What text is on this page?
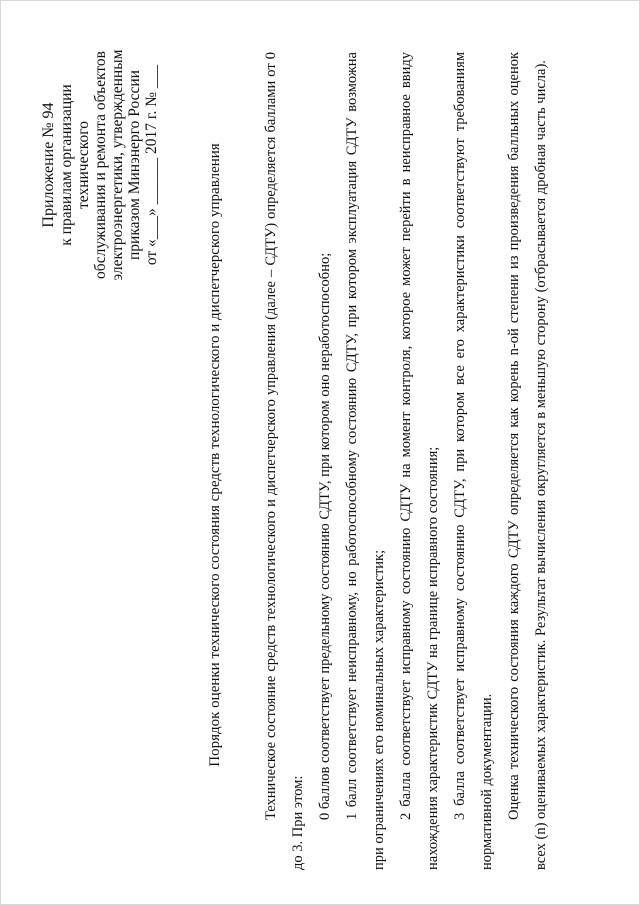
Приложение № 94 к правилам организации технического обслуживания и ремонта объектов электроэнергетики, утвержденным приказом Минэнерго России от «___» ______ 2017 г. № ___	Порядок оценки технического состояния средств технологического и диспетчерского управления	Техническое состояние средств технологического и диспетчерского управления (далее – СДТУ) определяется баллами от 0 до 3. При этом:

0 баллов соответствует предельному состоянию СДТУ, при котором оно неработоспособно; 1 балл соответствует неисправному, но работоспособному состоянию СДТУ, при котором эксплуатация СДТУ возможна при ограничениях его номинальных характеристик; 2 балла соответствует исправному состоянию СДТУ на момент контроля, которое может перейти в неисправное ввиду нахождения характеристик СДТУ на границе исправного состояния; 3 балла соответствует исправному состоянию СДТУ, при котором все его характеристики соответствуют требованиям нормативной документации. Оценка технического состояния каждого СДТУ определяется как корень n-ой степени из произведения балльных оценок всех (n) оцениваемых характеристик. Результат вычисления округляется в меньшую сторону (отбрасывается дробная часть числа).
